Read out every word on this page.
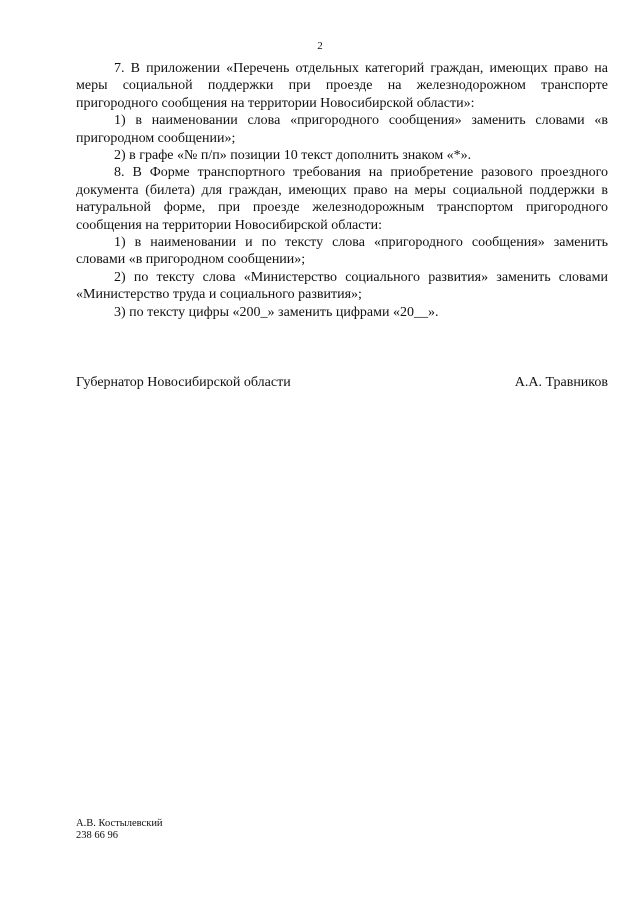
2

7. В приложении «Перечень отдельных категорий граждан, имеющих право на меры социальной поддержки при проезде на железнодорожном транспорте пригородного сообщения на территории Новосибирской области»:

1) в наименовании слова «пригородного сообщения» заменить словами «в пригородном сообщении»;

2) в графе «№ п/п» позиции 10 текст дополнить знаком «*».

8. В Форме транспортного требования на приобретение разового проездного документа (билета) для граждан, имеющих право на меры социальной поддержки в натуральной форме, при проезде железнодорожным транспортом пригородного сообщения на территории Новосибирской области:

1) в наименовании и по тексту слова «пригородного сообщения» заменить словами «в пригородном сообщении»;

2) по тексту слова «Министерство социального развития» заменить словами «Министерство труда и социального развития»;

3) по тексту цифры «200_» заменить цифрами «20__».

Губернатор Новосибирской области	А.А. Травников
А.В. Костылевский
238 66 96
